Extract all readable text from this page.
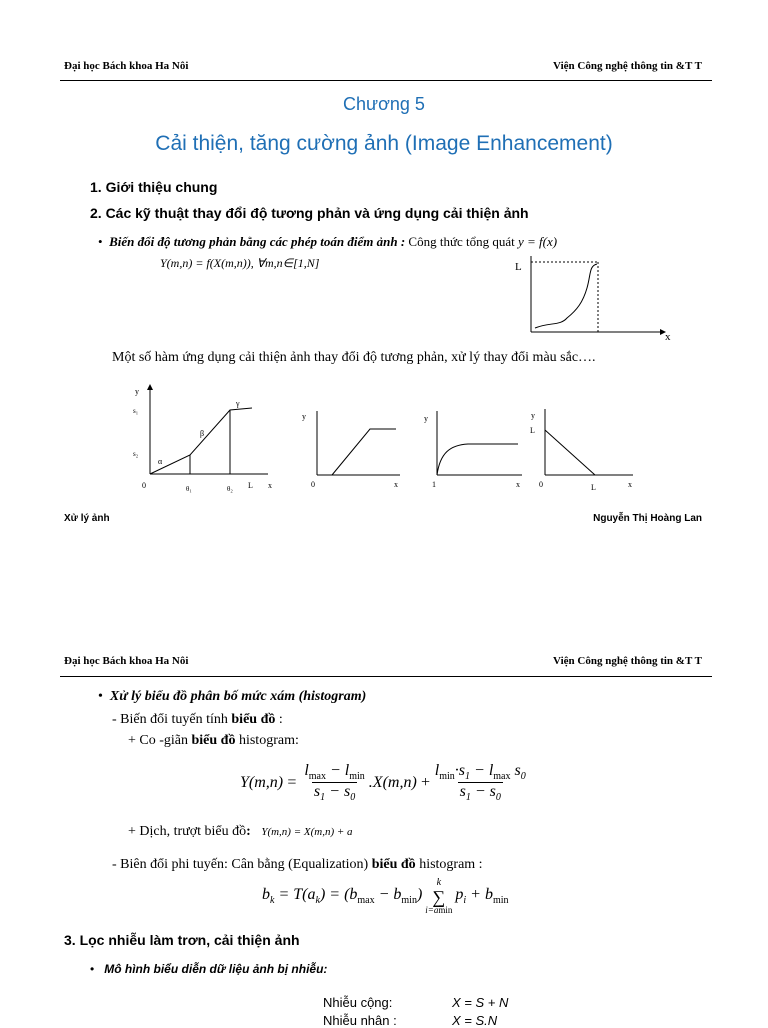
Đại học Bách khoa Ha Nôi	Viện Công nghệ thông tin &T T
Chương 5
Cải thiện, tăng cường ảnh (Image Enhancement)
1. Giới thiệu chung
2. Các kỹ thuật thay đổi độ tương phản và ứng dụng cải thiện ảnh
•  Biến đổi độ tương phản bằng các phép toán điểm ảnh : Công thức tổng quát y = f(x)
Y(m,n) = f(X(m,n)), ∀m,n∈[1,N]	L
x
Một số hàm ứng dụng cải thiện ảnh thay đổi độ tương phản, xử lý thay đổi màu sắc….
y
s₁
s₂
α
β
γ
0	θ₁	θ₂ L x
y
0	x
y
1	x
y
L
0	L	x
Xử lý ảnh	Nguyễn Thị Hoàng Lan
Đại học Bách khoa Ha Nôi	Viện Công nghệ thông tin &T T
•  Xử lý biểu đồ phân bố mức xám (histogram)
- Biến đổi tuyến tính biểu đồ :
+ Co -giãn biểu đồ histogram:
Y(m,n) = 
$l_{max} - l_{min}$
$s_1 - s_0$
.X(m,n) +
$l_{min}\cdot s_1 - l_{max}$ $s_0$
$s_1 - s_0$
+ Dịch, trượt biểu đồ: Y(m,n) = X(m,n) + a
- Biên đổi phi tuyến: Cân bằng (Equalization) biểu đồ histogram :
$b_k = T(a_k) = (b_{max} - b_{min})$
k
∑
i=amin
$p_i + b_{min}$
3. Lọc nhiễu làm trơn, cải thiện ảnh
•   Mô hình biểu diễn dữ liệu ảnh bị nhiễu:
Nhiễu cộng:	X = S + N
Nhiễu nhân :	X = S.N
